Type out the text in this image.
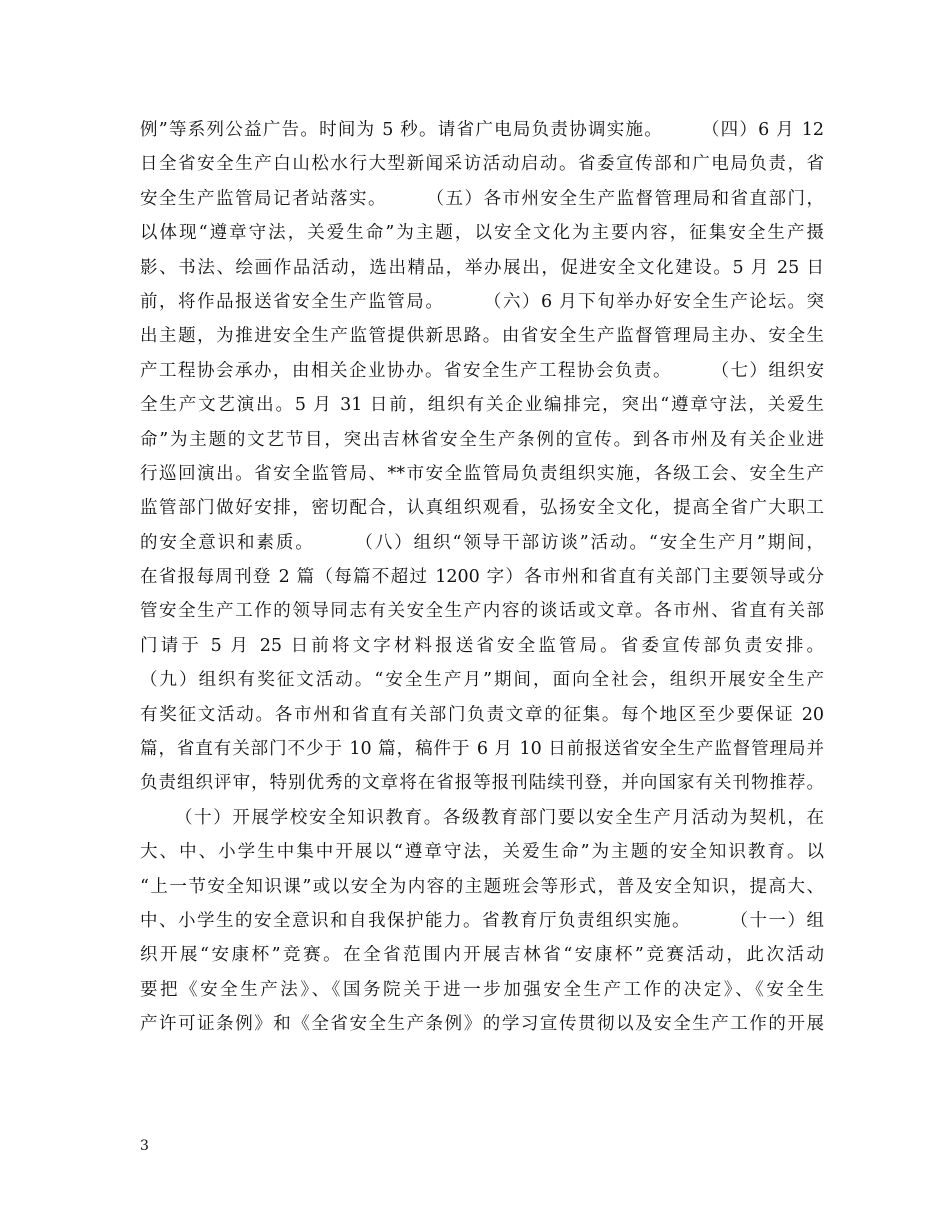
例”等系列公益广告。时间为 5 秒。请省广电局负责协调实施。　　　（四）6 月 12
日全省安全生产白山松水行大型新闻采访活动启动。省委宣传部和广电局负责，省
安全生产监管局记者站落实。　　　（五）各市州安全生产监督管理局和省直部门，
以体现“遵章守法，关爱生命”为主题，以安全文化为主要内容，征集安全生产摄
影、书法、绘画作品活动，选出精品，举办展出，促进安全文化建设。5 月 25 日
前，将作品报送省安全生产监管局。　　　（六）6 月下旬举办好安全生产论坛。突
出主题，为推进安全生产监管提供新思路。由省安全生产监督管理局主办、安全生
产工程协会承办，由相关企业协办。省安全生产工程协会负责。　　　（七）组织安
全生产文艺演出。5 月 31 日前，组织有关企业编排完，突出“遵章守法，关爱生
命”为主题的文艺节目，突出吉林省安全生产条例的宣传。到各市州及有关企业进
行巡回演出。省安全监管局、**市安全监管局负责组织实施，各级工会、安全生产
监管部门做好安排，密切配合，认真组织观看，弘扬安全文化，提高全省广大职工
的安全意识和素质。　　　（八）组织“领导干部访谈”活动。“安全生产月”期间，
在省报每周刊登 2 篇（每篇不超过 1200 字）各市州和省直有关部门主要领导或分
管安全生产工作的领导同志有关安全生产内容的谈话或文章。各市州、省直有关部
门请于 5 月 25 日前将文字材料报送省安全监管局。省委宣传部负责安排。
（九）组织有奖征文活动。“安全生产月”期间，面向全社会，组织开展安全生产
有奖征文活动。各市州和省直有关部门负责文章的征集。每个地区至少要保证 20
篇，省直有关部门不少于 10 篇，稿件于 6 月 10 日前报送省安全生产监督管理局并
负责组织评审，特别优秀的文章将在省报等报刊陆续刊登，并向国家有关刊物推荐。
（十）开展学校安全知识教育。各级教育部门要以安全生产月活动为契机，在
大、中、小学生中集中开展以“遵章守法，关爱生命”为主题的安全知识教育。以
“上一节安全知识课”或以安全为内容的主题班会等形式，普及安全知识，提高大、
中、小学生的安全意识和自我保护能力。省教育厅负责组织实施。　　　（十一）组
织开展“安康杯”竞赛。在全省范围内开展吉林省“安康杯”竞赛活动，此次活动
要把《安全生产法》、《国务院关于进一步加强安全生产工作的决定》、《安全生
产许可证条例》和《全省安全生产条例》的学习宣传贯彻以及安全生产工作的开展
3
